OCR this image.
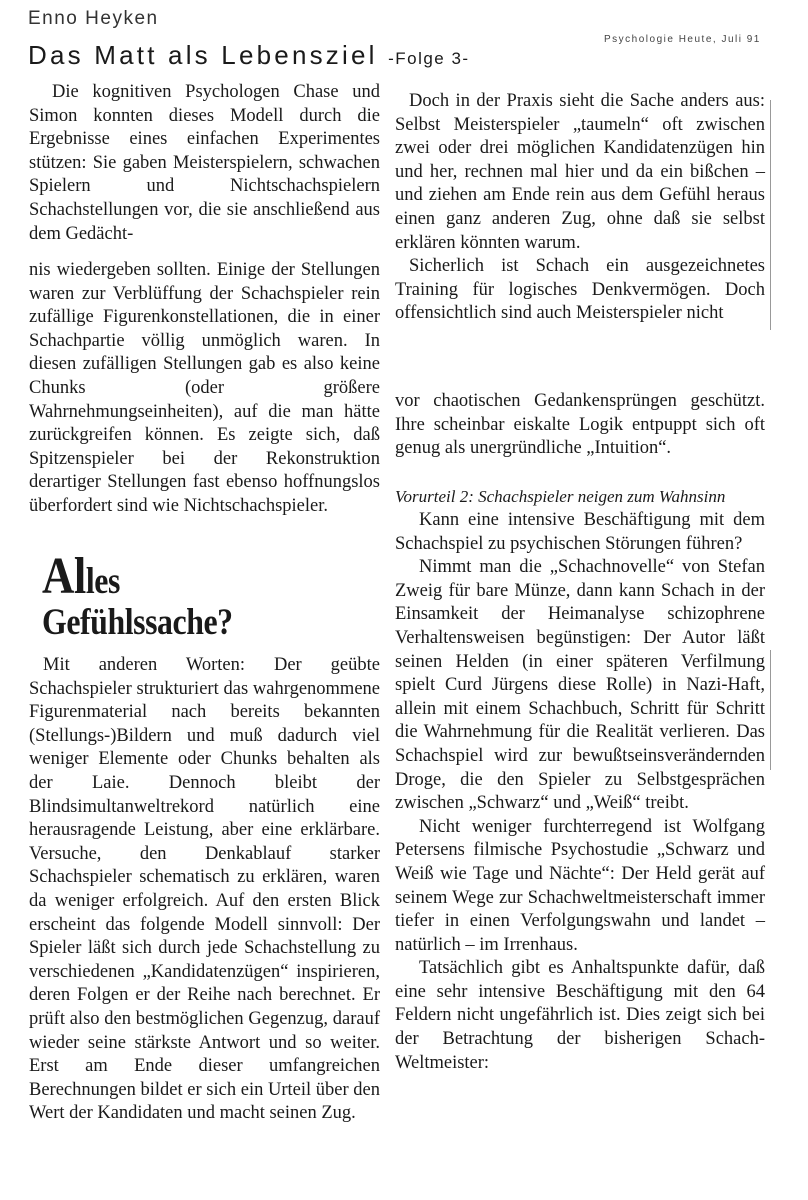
Enno Heyken
Psychologie Heute, Juli 91
Das Matt als Lebensziel -Folge 3-

Die kognitiven Psychologen Chase und Simon konnten dieses Modell durch die Ergebnisse eines einfachen Experimentes stützen: Sie gaben Meisterspielern, schwachen Spielern und Nichtschachspielern Schachstellungen vor, die sie anschließend aus dem Gedächt-

nis wiedergeben sollten. Einige der Stellungen waren zur Verblüffung der Schachspieler rein zufällige Figurenkonstellationen, die in einer Schachpartie völlig unmöglich waren. In diesen zufälligen Stellungen gab es also keine Chunks (oder größere Wahrnehmungseinheiten), auf die man hätte zurückgreifen können. Es zeigte sich, daß Spitzenspieler bei der Rekonstruktion derartiger Stellungen fast ebenso hoffnungslos überfordert sind wie Nichtschachspieler.

Alles
Gefühlssache?

Mit anderen Worten: Der geübte Schachspieler strukturiert das wahrgenommene Figurenmaterial nach bereits bekannten (Stellungs-)Bildern und muß dadurch viel weniger Elemente oder Chunks behalten als der Laie. Dennoch bleibt der Blindsimultanweltrekord natürlich eine herausragende Leistung, aber eine erklärbare. Versuche, den Denkablauf starker Schachspieler schematisch zu erklären, waren da weniger erfolgreich. Auf den ersten Blick erscheint das folgende Modell sinnvoll: Der Spieler läßt sich durch jede Schachstellung zu verschiedenen „Kandidatenzügen“ inspirieren, deren Folgen er der Reihe nach berechnet. Er prüft also den bestmöglichen Gegenzug, darauf wieder seine stärkste Antwort und so weiter. Erst am Ende dieser umfangreichen Berechnungen bildet er sich ein Urteil über den Wert der Kandidaten und macht seinen Zug.

Doch in der Praxis sieht die Sache anders aus: Selbst Meisterspieler „taumeln“ oft zwischen zwei oder drei möglichen Kandidatenzügen hin und her, rechnen mal hier und da ein bißchen – und ziehen am Ende rein aus dem Gefühl heraus einen ganz anderen Zug, ohne daß sie selbst erklären könnten warum.

Sicherlich ist Schach ein ausgezeichnetes Training für logisches Denkvermögen. Doch offensichtlich sind auch Meisterspieler nicht

vor chaotischen Gedankensprüngen geschützt. Ihre scheinbar eiskalte Logik entpuppt sich oft genug als unergründliche „Intuition“.

Vorurteil 2: Schachspieler neigen zum Wahnsinn

Kann eine intensive Beschäftigung mit dem Schachspiel zu psychischen Störungen führen?

Nimmt man die „Schachnovelle“ von Stefan Zweig für bare Münze, dann kann Schach in der Einsamkeit der Heimanalyse schizophrene Verhaltensweisen begünstigen: Der Autor läßt seinen Helden (in einer späteren Verfilmung spielt Curd Jürgens diese Rolle) in Nazi-Haft, allein mit einem Schachbuch, Schritt für Schritt die Wahrnehmung für die Realität verlieren. Das Schachspiel wird zur bewußtseinsverändernden Droge, die den Spieler zu Selbstgesprächen zwischen „Schwarz“ und „Weiß“ treibt.

Nicht weniger furchterregend ist Wolfgang Petersens filmische Psychostudie „Schwarz und Weiß wie Tage und Nächte“: Der Held gerät auf seinem Wege zur Schachweltmeisterschaft immer tiefer in einen Verfolgungswahn und landet – natürlich – im Irrenhaus.

Tatsächlich gibt es Anhaltspunkte dafür, daß eine sehr intensive Beschäftigung mit den 64 Feldern nicht ungefährlich ist. Dies zeigt sich bei der Betrachtung der bisherigen Schach-Weltmeister:
